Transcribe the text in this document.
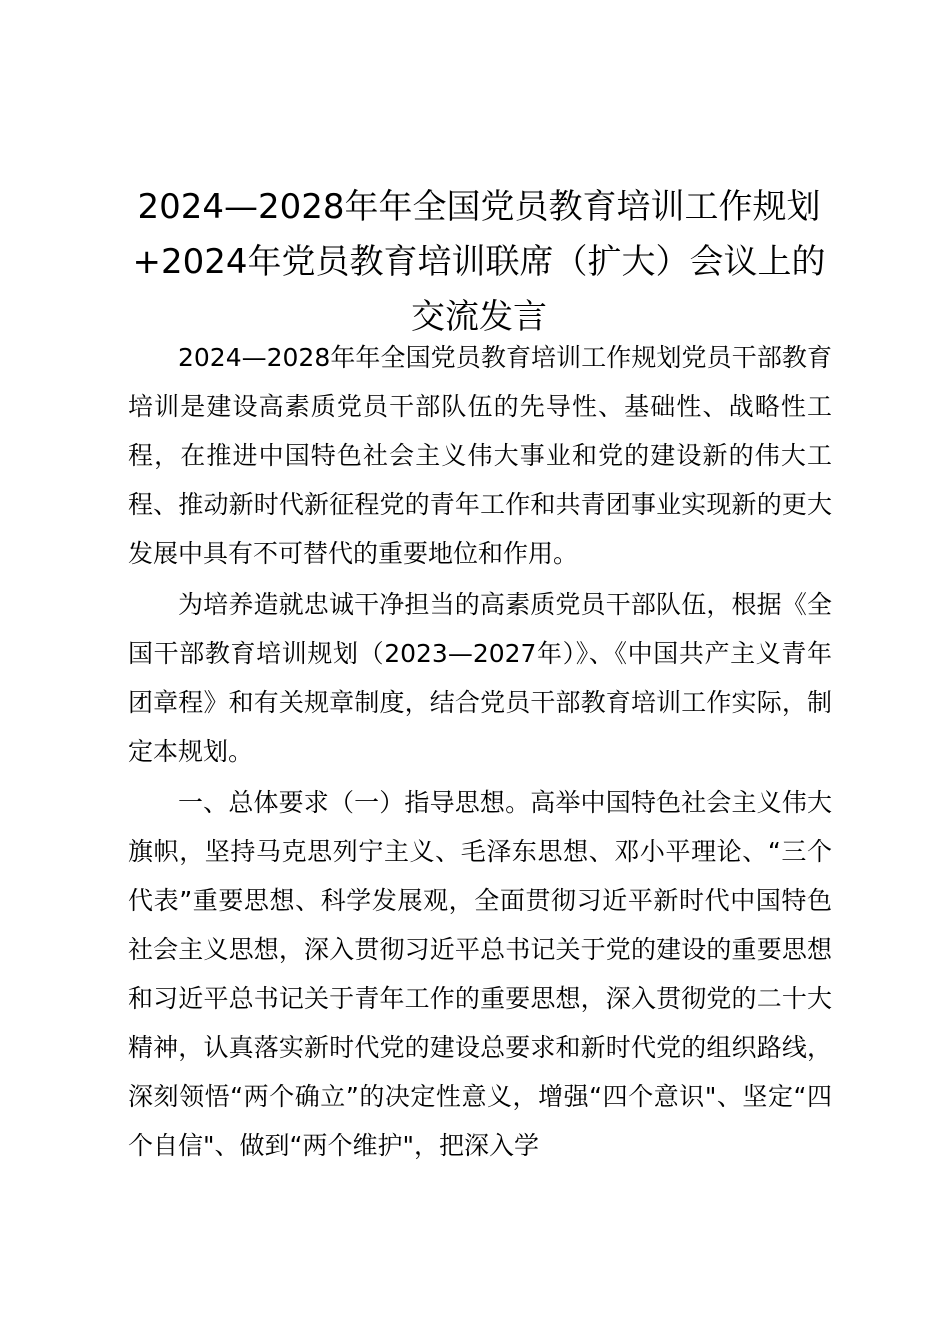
2024—2028年年全国党员教育培训工作规划+2024年党员教育培训联席（扩大）会议上的交流发言

2024—2028年年全国党员教育培训工作规划党员干部教育培训是建设高素质党员干部队伍的先导性、基础性、战略性工程，在推进中国特色社会主义伟大事业和党的建设新的伟大工程、推动新时代新征程党的青年工作和共青团事业实现新的更大发展中具有不可替代的重要地位和作用。

为培养造就忠诚干净担当的高素质党员干部队伍，根据《全国干部教育培训规划（2023—2027年）》、《中国共产主义青年团章程》和有关规章制度，结合党员干部教育培训工作实际，制定本规划。

一、总体要求（一）指导思想。高举中国特色社会主义伟大旗帜，坚持马克思列宁主义、毛泽东思想、邓小平理论、“三个代表”重要思想、科学发展观，全面贯彻习近平新时代中国特色社会主义思想，深入贯彻习近平总书记关于党的建设的重要思想和习近平总书记关于青年工作的重要思想，深入贯彻党的二十大精神，认真落实新时代党的建设总要求和新时代党的组织路线，深刻领悟“两个确立”的决定性意义，增强“四个意识"、坚定“四个自信"、做到“两个维护"，把深入学
